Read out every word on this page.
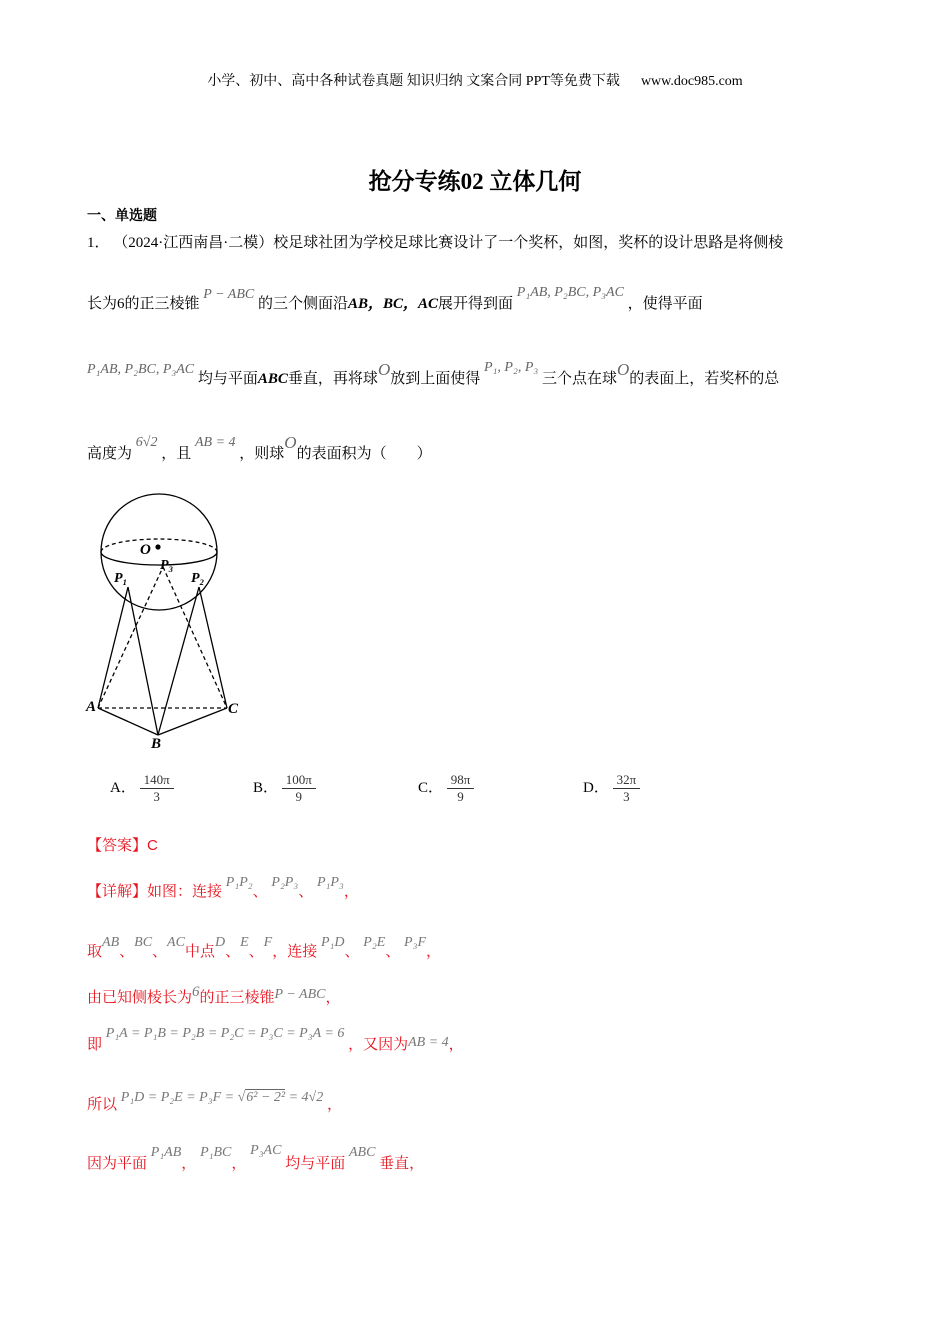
小学、初中、高中各种试卷真题 知识归纳 文案合同 PPT等免费下载 www.doc985.com
抢分专练02 立体几何
一、单选题
1． （2024·江西南昌·二模）校足球社团为学校足球比赛设计了一个奖杯，如图，奖杯的设计思路是将侧棱
长为6的正三棱锥 P − ABC 的三个侧面沿AB，BC，AC展开得到面 P₁AB, P₂BC, P₃AC ，使得平面
P₁AB, P₂BC, P₃AC 均与平面ABC垂直，再将球O放到上面使得 P₁, P₂, P₃ 三个点在球O的表面上，若奖杯的总
高度为 6√2 ，且 AB = 4 ，则球O的表面积为（　　）
O
P₃
P₁	P₂
A	C
B
A． $\frac{140\pi}{3}$	B． $\frac{100\pi}{9}$	C． $\frac{98\pi}{9}$	D． $\frac{32\pi}{3}$
【答案】C
【详解】如图：连接 P₁P₂、 P₂P₃、 P₁P₃，
取AB、BC、AC中点D、E、F，连接 P₁D、 P₂E、 P₃F，
由已知侧棱长为6的正三棱锥P − ABC，
即 P₁A = P₁B = P₂B = P₂C = P₃C = P₃A = 6 ，又因为AB = 4，
所以 P₁D = P₂E = P₃F = √6² − 2² = 4√2 ，
因为平面 P₁AB， P₁BC， P₃AC 均与平面 ABC 垂直，
